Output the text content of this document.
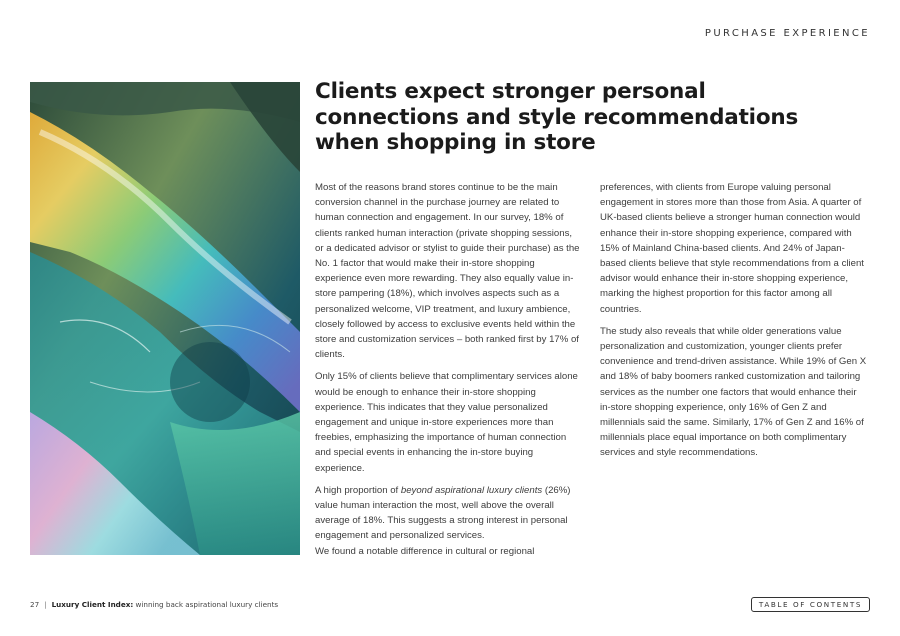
PURCHASE EXPERIENCE
Clients expect stronger personal connections and style recommendations when shopping in store

Most of the reasons brand stores continue to be the main conversion channel in the purchase journey are related to human connection and engagement. In our survey, 18% of clients ranked human interaction (private shopping sessions, or a dedicated advisor or stylist to guide their purchase) as the No. 1 factor that would make their in-store shopping experience even more rewarding. They also equally value in-store pampering (18%), which involves aspects such as a personalized welcome, VIP treatment, and luxury ambience, closely followed by access to exclusive events held within the store and customization services – both ranked first by 17% of clients.

Only 15% of clients believe that complimentary services alone would be enough to enhance their in-store shopping experience. This indicates that they value personalized engagement and unique in-store experiences more than freebies, emphasizing the importance of human connection and special events in enhancing the in-store buying experience.

A high proportion of beyond aspirational luxury clients (26%) value human interaction the most, well above the overall average of 18%. This suggests a strong interest in personal engagement and personalized services.

We found a notable difference in cultural or regional

preferences, with clients from Europe valuing personal engagement in stores more than those from Asia. A quarter of UK-based clients believe a stronger human connection would enhance their in-store shopping experience, compared with 15% of Mainland China-based clients. And 24% of Japan-based clients believe that style recommendations from a client advisor would enhance their in-store shopping experience, marking the highest proportion for this factor among all countries.

The study also reveals that while older generations value personalization and customization, younger clients prefer convenience and trend-driven assistance. While 19% of Gen X and 18% of baby boomers ranked customization and tailoring services as the number one factors that would enhance their in-store shopping experience, only 16% of Gen Z and millennials said the same. Similarly, 17% of Gen Z and 16% of millennials place equal importance on both complimentary services and style recommendations.

27 | Luxury Client Index: winning back aspirational luxury clients	TABLE OF CONTENTS
